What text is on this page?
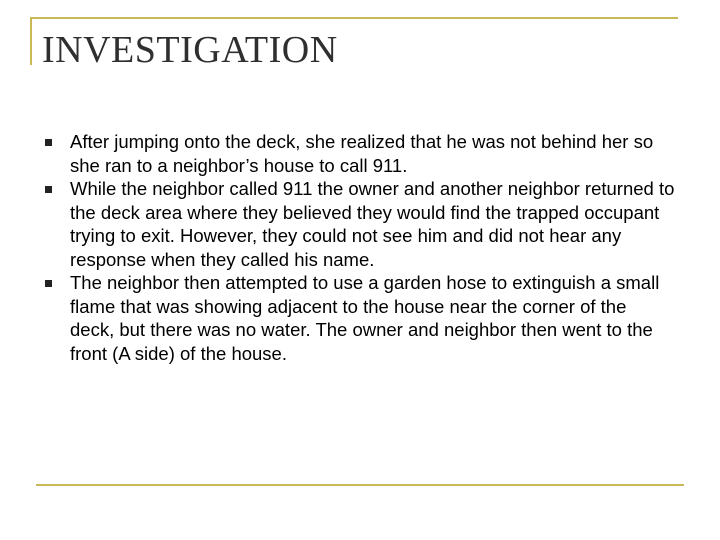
INVESTIGATION
After jumping onto the deck, she realized that he was not behind her so she ran to a neighbor’s house to call 911.
While the neighbor called 911 the owner and another neighbor returned to the deck area where they believed they would find the trapped occupant trying to exit. However, they could not see him and did not hear any response when they called his name.
The neighbor then attempted to use a garden hose to extinguish a small flame that was showing adjacent to the house near the corner of the deck, but there was no water. The owner and neighbor then went to the front (A side) of the house.
